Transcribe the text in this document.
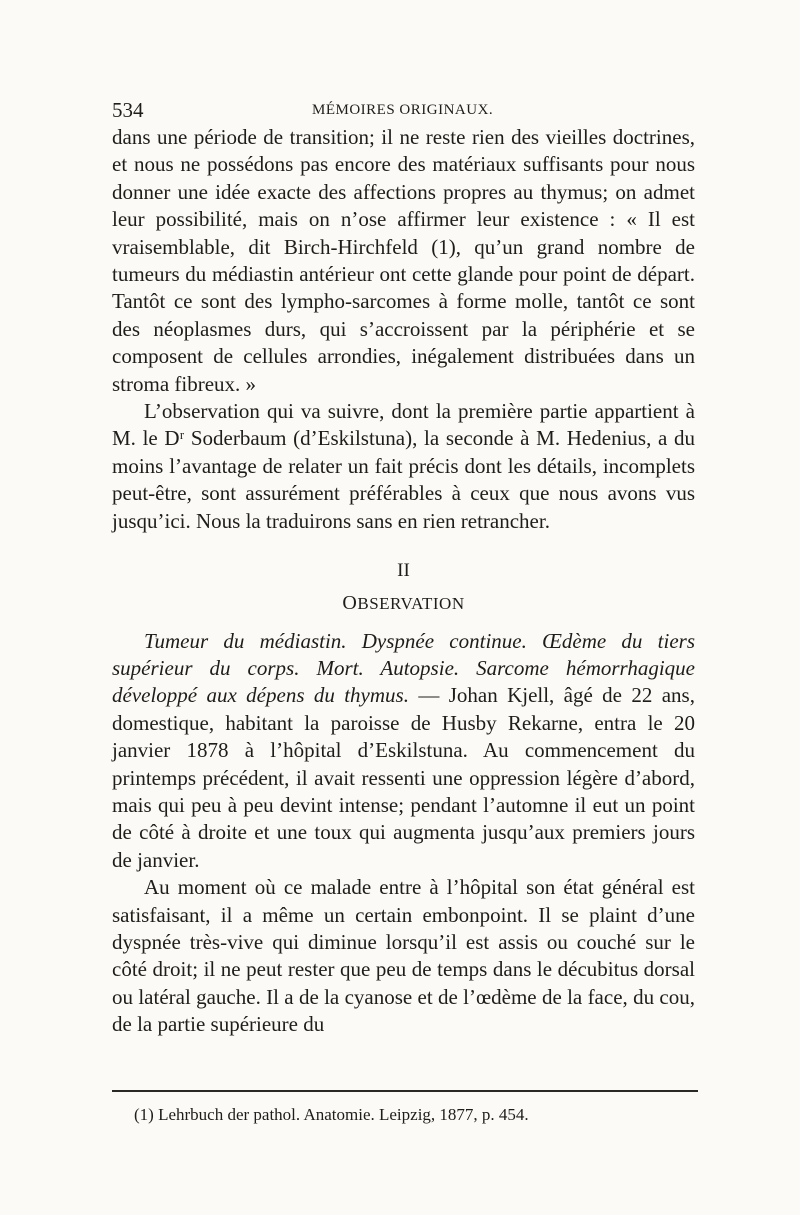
534	MÉMOIRES ORIGINAUX.

dans une période de transition; il ne reste rien des vieilles doctrines, et nous ne possédons pas encore des matériaux suffisants pour nous donner une idée exacte des affections propres au thymus; on admet leur possibilité, mais on n’ose affirmer leur existence : « Il est vraisemblable, dit Birch-Hirchfeld (1), qu’un grand nombre de tumeurs du médiastin antérieur ont cette glande pour point de départ. Tantôt ce sont des lympho-sarcomes à forme molle, tantôt ce sont des néoplasmes durs, qui s’accroissent par la périphérie et se composent de cellules arrondies, inégalement distribuées dans un stroma fibreux. »

L’observation qui va suivre, dont la première partie appartient à M. le Dʳ Soderbaum (d’Eskilstuna), la seconde à M. Hedenius, a du moins l’avantage de relater un fait précis dont les détails, incomplets peut-être, sont assurément préférables à ceux que nous avons vus jusqu’ici. Nous la traduirons sans en rien retrancher.

II
OBSERVATION

Tumeur du médiastin. Dyspnée continue. Œdème du tiers supérieur du corps. Mort. Autopsie. Sarcome hémorrhagique développé aux dépens du thymus. — Johan Kjell, âgé de 22 ans, domestique, habitant la paroisse de Husby Rekarne, entra le 20 janvier 1878 à l’hôpital d’Eskilstuna. Au commencement du printemps précédent, il avait ressenti une oppression légère d’abord, mais qui peu à peu devint intense; pendant l’automne il eut un point de côté à droite et une toux qui augmenta jusqu’aux premiers jours de janvier.

Au moment où ce malade entre à l’hôpital son état général est satisfaisant, il a même un certain embonpoint. Il se plaint d’une dyspnée très-vive qui diminue lorsqu’il est assis ou couché sur le côté droit; il ne peut rester que peu de temps dans le décubitus dorsal ou latéral gauche. Il a de la cyanose et de l’œdème de la face, du cou, de la partie supérieure du

(1) Lehrbuch der pathol. Anatomie. Leipzig, 1877, p. 454.
